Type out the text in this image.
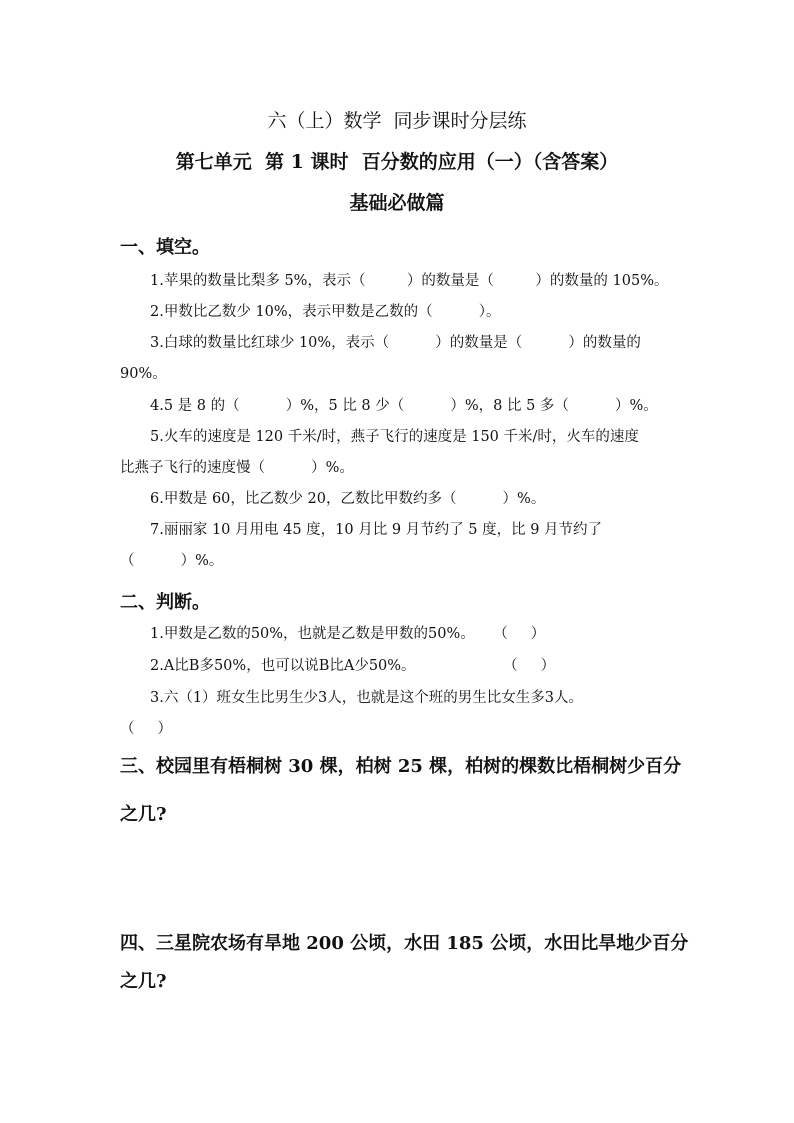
六（上）数学  同步课时分层练
第七单元  第 1 课时  百分数的应用（一）（含答案）
基础必做篇
一、填空。
1.苹果的数量比梨多 5%，表示（         ）的数量是（         ）的数量的 105%。
2.甲数比乙数少 10%，表示甲数是乙数的（          ）。
3.白球的数量比红球少 10%，表示（          ）的数量是（          ）的数量的
90%。
4.5 是 8 的（          ）%，5 比 8 少（          ）%，8 比 5 多（          ）%。
5.火车的速度是 120 千米/时，燕子飞行的速度是 150 千米/时，火车的速度
比燕子飞行的速度慢（          ）%。
6.甲数是 60，比乙数少 20，乙数比甲数约多（          ）%。
7.丽丽家 10 月用电 45 度，10 月比 9 月节约了 5 度，比 9 月节约了
（          ）%。
二、判断。
1.甲数是乙数的50%，也就是乙数是甲数的50%。    （     ）
2.A比B多50%，也可以说B比A少50%。                   （     ）
3.六（1）班女生比男生少3人，也就是这个班的男生比女生多3人。
（     ）
三、校园里有梧桐树 30 棵，柏树 25 棵，柏树的棵数比梧桐树少百分
之几?
四、三星院农场有旱地 200 公顷，水田 185 公顷，水田比旱地少百分
之几?
